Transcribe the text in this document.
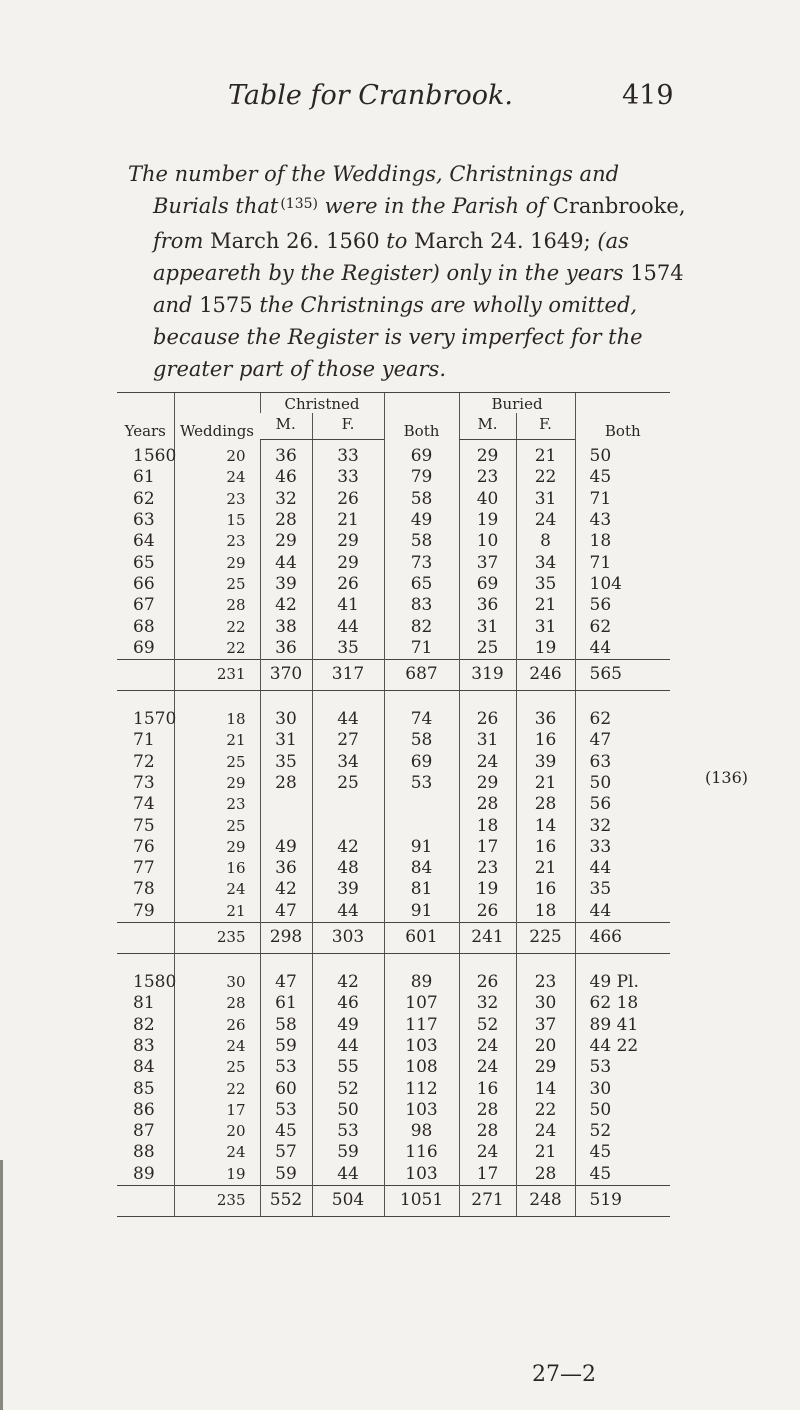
Table for Cranbrook.	419
The number of the Weddings, Christnings and Burials that $^{(135)}$ were in the Parish of Cranbrooke, from March 26. 1560 to March 24. 1649; (as appeareth by the Register) only in the years 1574 and 1575 the Christnings are wholly omitted, because the Register is very imperfect for the greater part of those years.
(136)
Years	Weddings	Christned		Both	Buried		Both
		M.	F.		M.	F.	
1560	20	36	33	69	29	21	50
61	24	46	33	79	23	22	45
62	23	32	26	58	40	31	71
63	15	28	21	49	19	24	43
64	23	29	29	58	10	8	18
65	29	44	29	73	37	34	71
66	25	39	26	65	69	35	104
67	28	42	41	83	36	21	56
68	22	38	44	82	31	31	62
69	22	36	35	71	25	19	44
	231	370	317	687	319	246	565

1570	18	30	44	74	26	36	62
71	21	31	27	58	31	16	47
72	25	35	34	69	24	39	63
73	29	28	25	53	29	21	50
74	23				28	28	56
75	25				18	14	32
76	29	49	42	91	17	16	33
77	16	36	48	84	23	21	44
78	24	42	39	81	19	16	35
79	21	47	44	91	26	18	44
	235	298	303	601	241	225	466

1580	30	47	42	89	26	23	49 Pl.
81	28	61	46	107	32	30	62 18
82	26	58	49	117	52	37	89 41
83	24	59	44	103	24	20	44 22
84	25	53	55	108	24	29	53
85	22	60	52	112	16	14	30
86	17	53	50	103	28	22	50
87	20	45	53	98	28	24	52
88	24	57	59	116	24	21	45
89	19	59	44	103	17	28	45
	235	552	504	1051	271	248	519
27—2
